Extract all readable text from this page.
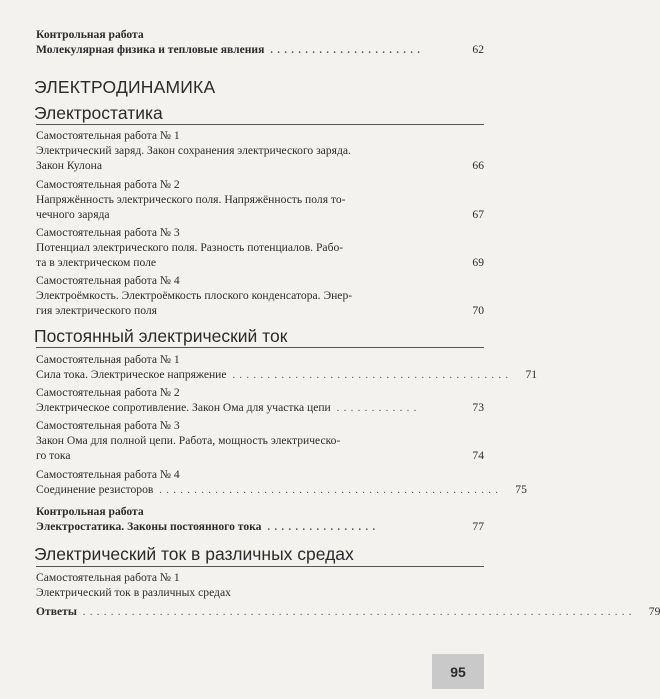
Контрольная работа
Молекулярная физика и тепловые явления . . . . . . . . . . . . . . . . . . . . . .	62
ЭЛЕКТРОДИНАМИКА
Электростатика
Самостоятельная работа № 1
Электрический заряд. Закон сохранения электрического заряда.
Закон Кулона	66
Самостоятельная работа № 2
Напряжённость электрического поля. Напряжённость поля то-
чечного заряда	67
Самостоятельная работа № 3
Потенциал электрического поля. Разность потенциалов. Рабо-
та в электрическом поле	69
Самостоятельная работа № 4
Электроёмкость. Электроёмкость плоского конденсатора. Энер-
гия электрического поля	70
Постоянный электрический ток
Самостоятельная работа № 1
Сила тока. Электрическое напряжение . . . . . . . . . . . . . . . . . . . . . . . . . . . . . . . . . . . . . . . .	71
Самостоятельная работа № 2
Электрическое сопротивление. Закон Ома для участка цепи . . . . . . . . . . . .	73
Самостоятельная работа № 3
Закон Ома для полной цепи. Работа, мощность электрическо-
го тока	74
Самостоятельная работа № 4
Соединение резисторов . . . . . . . . . . . . . . . . . . . . . . . . . . . . . . . . . . . . . . . . . . . . . . . . .	75
Контрольная работа
Электростатика. Законы постоянного тока . . . . . . . . . . . . . . . .	77
Электрический ток в различных средах
Самостоятельная работа № 1
Электрический ток в различных средах
Ответы . . . . . . . . . . . . . . . . . . . . . . . . . . . . . . . . . . . . . . . . . . . . . . . . . . . . . . . . . . . . . . . . . . . . . . . . . . . . . . .	79
95
